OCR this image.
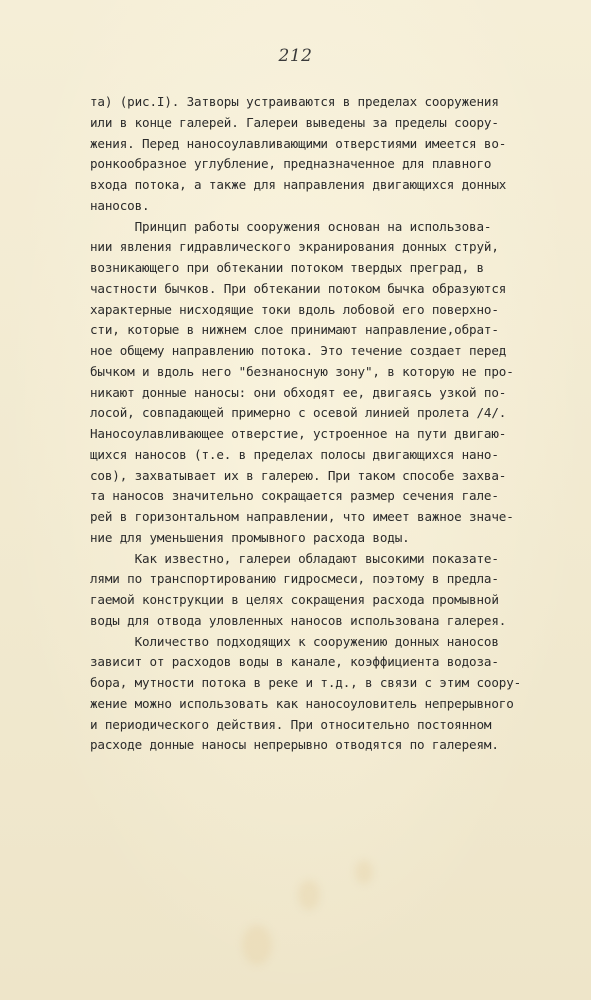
212
та) (рис.I). Затворы устраиваются в пределах сооружения
или в конце галерей. Галереи выведены за пределы соору-
жения. Перед наносоулавливающими отверстиями имеется во-
ронкообразное углубление, предназначенное для плавного
входа потока, а также для направления двигающихся донных
наносов.
Принцип работы сооружения основан на использова-
нии явления гидравлического экранирования донных струй,
возникающего при обтекании потоком твердых преград, в
частности бычков. При обтекании потоком бычка образуются
характерные нисходящие токи вдоль лобовой его поверхно-
сти, которые в нижнем слое принимают направление,обрат-
ное общему направлению потока. Это течение создает перед
бычком и вдоль него "безнаносную зону", в которую не про-
никают донные наносы: они обходят ее, двигаясь узкой по-
лосой, совпадающей примерно с осевой линией пролета /4/.
Наносоулавливающее отверстие, устроенное на пути двигаю-
щихся наносов (т.е. в пределах полосы двигающихся нано-
сов), захватывает их в галерею. При таком способе захва-
та наносов значительно сокращается размер сечения гале-
рей в горизонтальном направлении, что имеет важное значе-
ние для уменьшения промывного расхода воды.
Как известно, галереи обладают высокими показате-
лями по транспортированию гидросмеси, поэтому в предла-
гаемой конструкции в целях сокращения расхода промывной
воды для отвода уловленных наносов использована галерея.
Количество подходящих к сооружению донных наносов
зависит от расходов воды в канале, коэффициента водоза-
бора, мутности потока в реке и т.д., в связи с этим соору-
жение можно использовать как наносоуловитель непрерывного
и периодического действия. При относительно постоянном
расходе донные наносы непрерывно отводятся по галереям.
